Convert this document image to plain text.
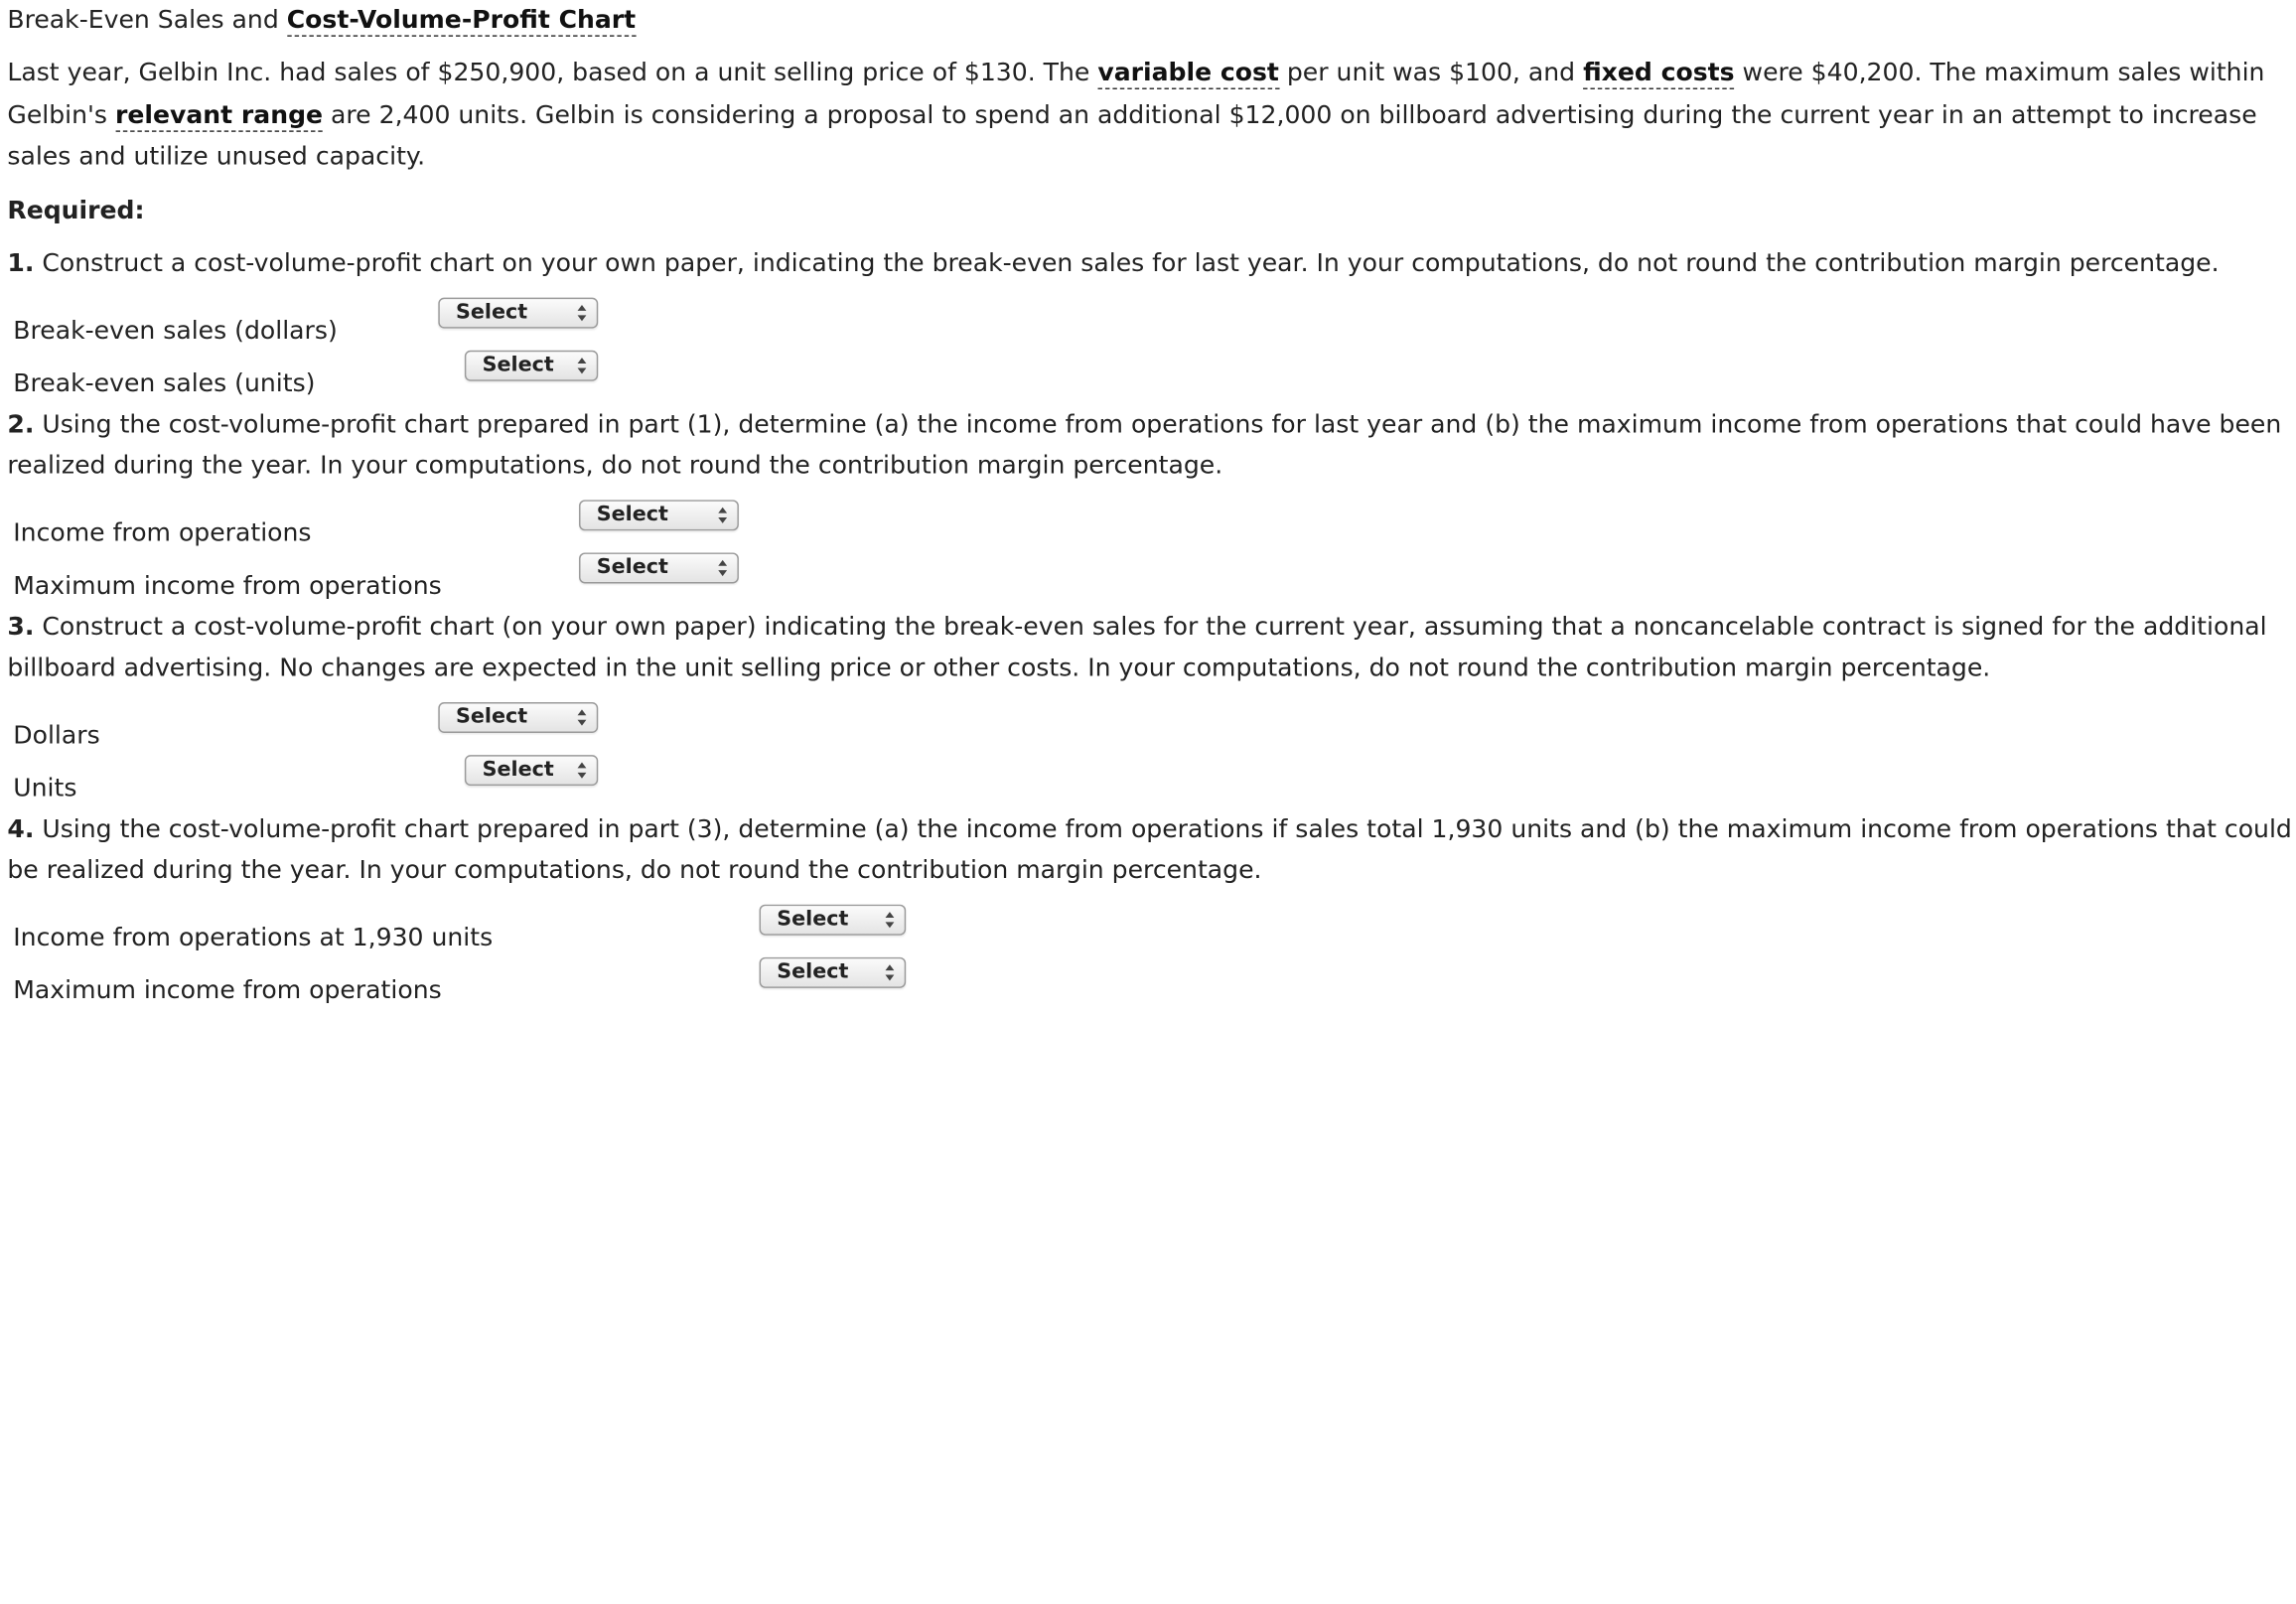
Break-Even Sales and Cost-Volume-Profit Chart
Last year, Gelbin Inc. had sales of $250,900, based on a unit selling price of $130. The variable cost per unit was $100, and fixed costs were $40,200. The maximum sales within Gelbin's relevant range are 2,400 units. Gelbin is considering a proposal to spend an additional $12,000 on billboard advertising during the current year in an attempt to increase sales and utilize unused capacity.
Required:
1. Construct a cost-volume-profit chart on your own paper, indicating the break-even sales for last year. In your computations, do not round the contribution margin percentage.
Break-even sales (dollars)
Select
Break-even sales (units)
Select
2. Using the cost-volume-profit chart prepared in part (1), determine (a) the income from operations for last year and (b) the maximum income from operations that could have been realized during the year. In your computations, do not round the contribution margin percentage.
Income from operations
Select
Maximum income from operations
Select
3. Construct a cost-volume-profit chart (on your own paper) indicating the break-even sales for the current year, assuming that a noncancelable contract is signed for the additional billboard advertising. No changes are expected in the unit selling price or other costs. In your computations, do not round the contribution margin percentage.
Dollars
Select
Units
Select
4. Using the cost-volume-profit chart prepared in part (3), determine (a) the income from operations if sales total 1,930 units and (b) the maximum income from operations that could be realized during the year. In your computations, do not round the contribution margin percentage.
Income from operations at 1,930 units
Select
Maximum income from operations
Select
